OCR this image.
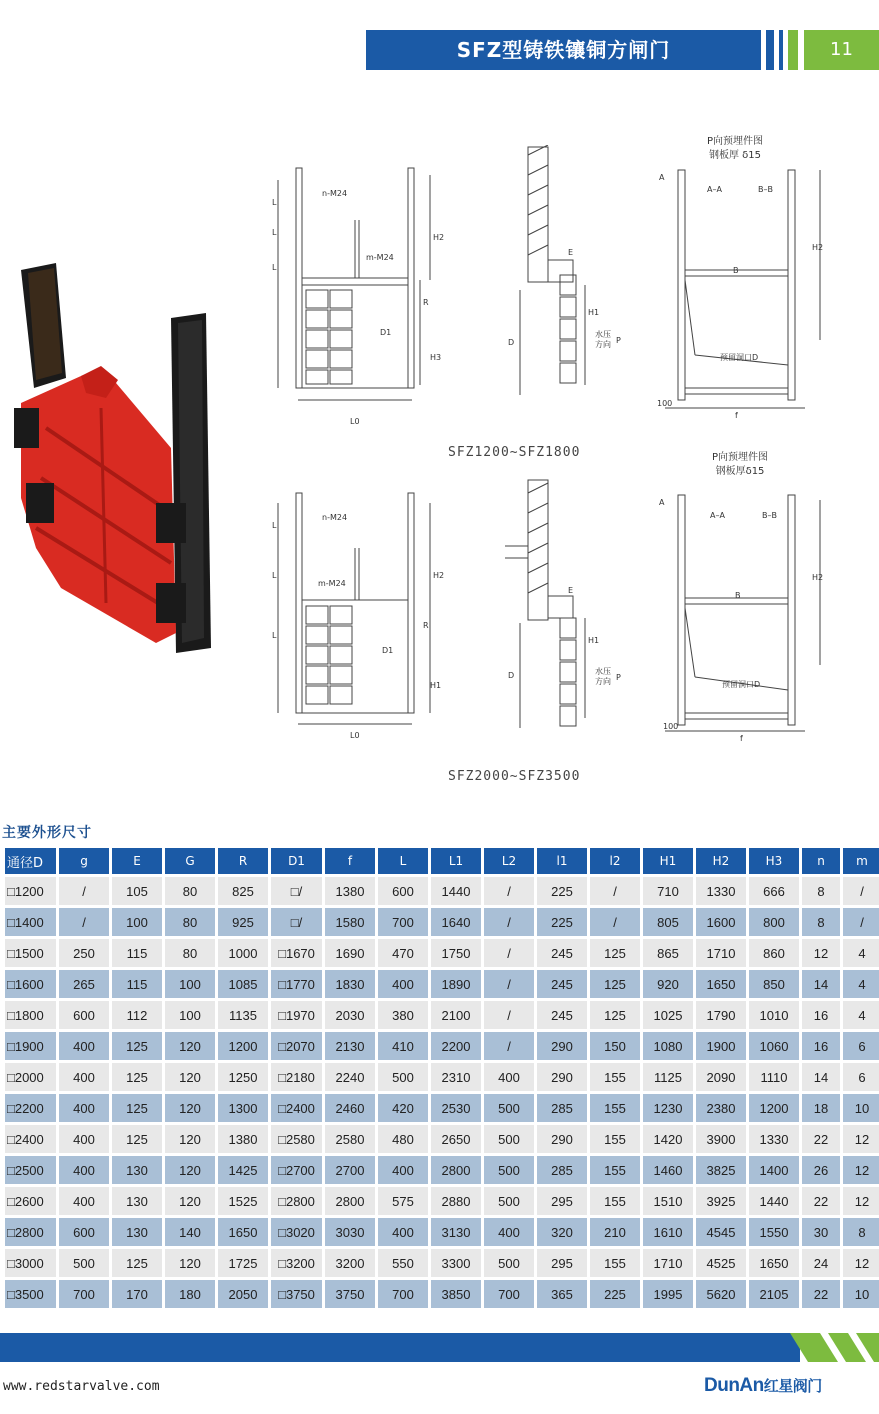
SFZ型铸铁镶铜方闸门	11
n-M24
m-M24
L
L
L
H2
R
D1
H3
L0
E
H1
D
水压
方向 P
P向预埋件图
钢板厚 δ15
A
A–A	B–B
B
预留洞口D
100
f
H2
SFZ1200~SFZ1800
n-M24
m-M24
L
L
L
H2
R
D1
H1
L0
E
H1
D	水压
方向 P
P向预埋件图
钢板厚δ15
A
A–A	B–B
B
预留洞口D
100
f
H2
SFZ2000~SFZ3500
主要外形尺寸
通径D	g	E	G	R	D1	f	L	L1	L2	l1	l2	H1	H2	H3	n	m
□1200	/	105	80	825	□/	1380	600	1440	/	225	/	710	1330	666	8	/
□1400	/	100	80	925	□/	1580	700	1640	/	225	/	805	1600	800	8	/
□1500	250	115	80	1000	□1670	1690	470	1750	/	245	125	865	1710	860	12	4
□1600	265	115	100	1085	□1770	1830	400	1890	/	245	125	920	1650	850	14	4
□1800	600	112	100	1135	□1970	2030	380	2100	/	245	125	1025	1790	1010	16	4
□1900	400	125	120	1200	□2070	2130	410	2200	/	290	150	1080	1900	1060	16	6
□2000	400	125	120	1250	□2180	2240	500	2310	400	290	155	1125	2090	1110	14	6
□2200	400	125	120	1300	□2400	2460	420	2530	500	285	155	1230	2380	1200	18	10
□2400	400	125	120	1380	□2580	2580	480	2650	500	290	155	1420	3900	1330	22	12
□2500	400	130	120	1425	□2700	2700	400	2800	500	285	155	1460	3825	1400	26	12
□2600	400	130	120	1525	□2800	2800	575	2880	500	295	155	1510	3925	1440	22	12
□2800	600	130	140	1650	□3020	3030	400	3130	400	320	210	1610	4545	1550	30	8
□3000	500	125	120	1725	□3200	3200	550	3300	500	295	155	1710	4525	1650	24	12
□3500	700	170	180	2050	□3750	3750	700	3850	700	365	225	1995	5620	2105	22	10
www.redstarvalve.com	DunAn红星阀门
